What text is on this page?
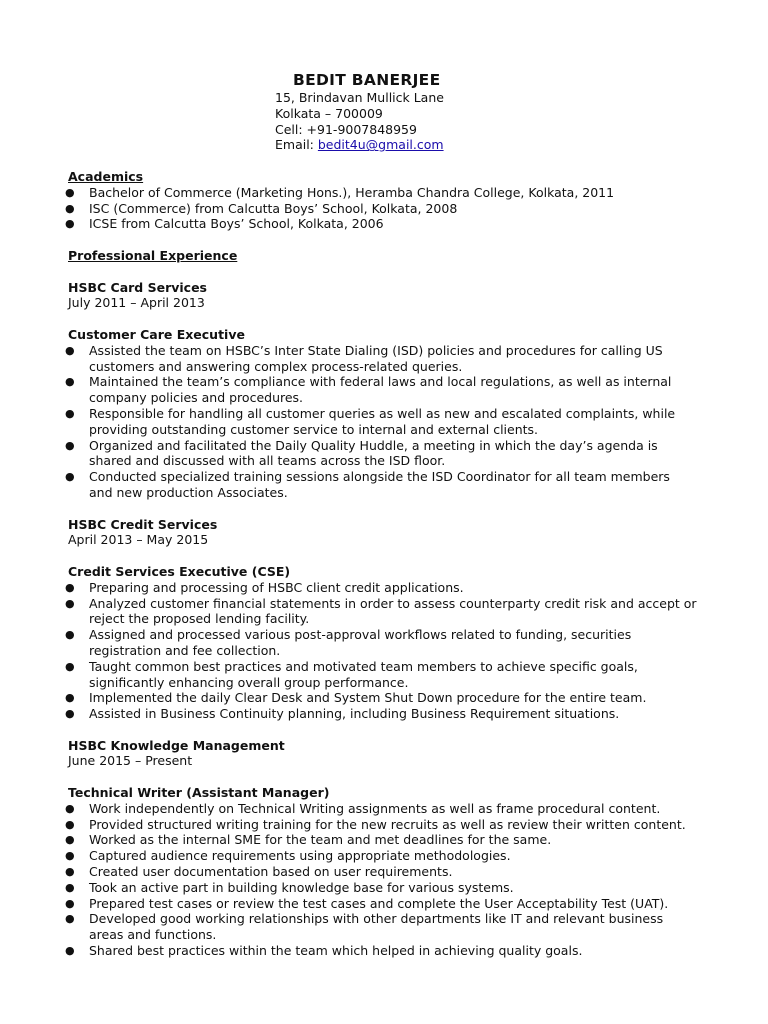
BEDIT BANERJEE
15, Brindavan Mullick Lane
Kolkata – 700009
Cell: +91-9007848959
Email: bedit4u@gmail.com
Academics
● Bachelor of Commerce (Marketing Hons.), Heramba Chandra College, Kolkata, 2011
● ISC (Commerce) from Calcutta Boys’ School, Kolkata, 2008
● ICSE from Calcutta Boys’ School, Kolkata, 2006
Professional Experience
HSBC Card Services
July 2011 – April 2013
Customer Care Executive
● Assisted the team on HSBC’s Inter State Dialing (ISD) policies and procedures for calling US
customers and answering complex process-related queries.
● Maintained the team’s compliance with federal laws and local regulations, as well as internal
company policies and procedures.
● Responsible for handling all customer queries as well as new and escalated complaints, while
providing outstanding customer service to internal and external clients.
● Organized and facilitated the Daily Quality Huddle, a meeting in which the day’s agenda is
shared and discussed with all teams across the ISD floor.
● Conducted specialized training sessions alongside the ISD Coordinator for all team members
and new production Associates.
HSBC Credit Services
April 2013 – May 2015
Credit Services Executive (CSE)
● Preparing and processing of HSBC client credit applications.
● Analyzed customer financial statements in order to assess counterparty credit risk and accept or
reject the proposed lending facility.
● Assigned and processed various post-approval workflows related to funding, securities
registration and fee collection.
● Taught common best practices and motivated team members to achieve specific goals,
significantly enhancing overall group performance.
● Implemented the daily Clear Desk and System Shut Down procedure for the entire team.
● Assisted in Business Continuity planning, including Business Requirement situations.
HSBC Knowledge Management
June 2015 – Present
Technical Writer (Assistant Manager)
● Work independently on Technical Writing assignments as well as frame procedural content.
● Provided structured writing training for the new recruits as well as review their written content.
● Worked as the internal SME for the team and met deadlines for the same.
● Captured audience requirements using appropriate methodologies.
● Created user documentation based on user requirements.
● Took an active part in building knowledge base for various systems.
● Prepared test cases or review the test cases and complete the User Acceptability Test (UAT).
● Developed good working relationships with other departments like IT and relevant business
areas and functions.
● Shared best practices within the team which helped in achieving quality goals.
